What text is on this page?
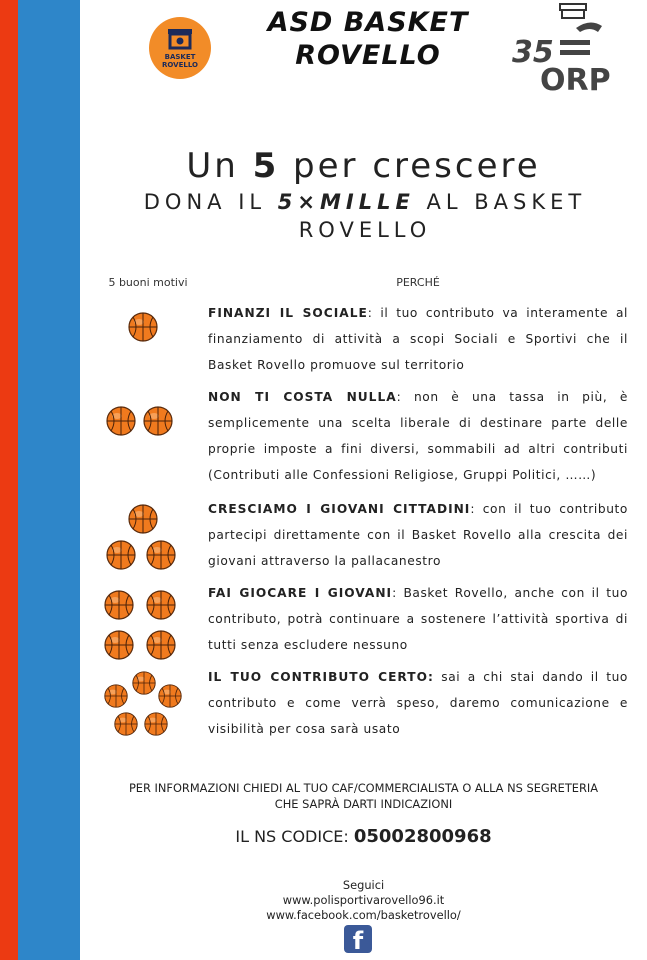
BASKET
ROVELLO
ASD BASKET
ROVELLO	35
ORP
Un 5 per crescere
DONA IL 5×MILLE AL BASKET ROVELLO
5 buoni motivi	PERCHÉ
FINANZI IL SOCIALE: il tuo contributo va interamente al finanziamento di attività a scopi Sociali e Sportivi che il Basket Rovello promuove sul territorio
NON TI COSTA NULLA: non è una tassa in più, è semplicemente una scelta liberale di destinare parte delle proprie imposte a fini diversi, sommabili ad altri contributi (Contributi alle Confessioni Religiose, Gruppi Politici, ……)
CRESCIAMO I GIOVANI CITTADINI: con il tuo contributo partecipi direttamente con il Basket Rovello alla crescita dei giovani attraverso la pallacanestro
FAI GIOCARE I GIOVANI: Basket Rovello, anche con il tuo contributo, potrà continuare a sostenere l’attività sportiva di tutti senza escludere nessuno
IL TUO CONTRIBUTO CERTO: sai a chi stai dando il tuo contributo e come verrà speso, daremo comunicazione e visibilità per cosa sarà usato
PER INFORMAZIONI CHIEDI AL TUO CAF/COMMERCIALISTA O ALLA NS SEGRETERIA
CHE SAPRÀ DARTI INDICAZIONI
IL NS CODICE: 05002800968
Seguici
www.polisportivarovello96.it
www.facebook.com/basketrovello/
f
